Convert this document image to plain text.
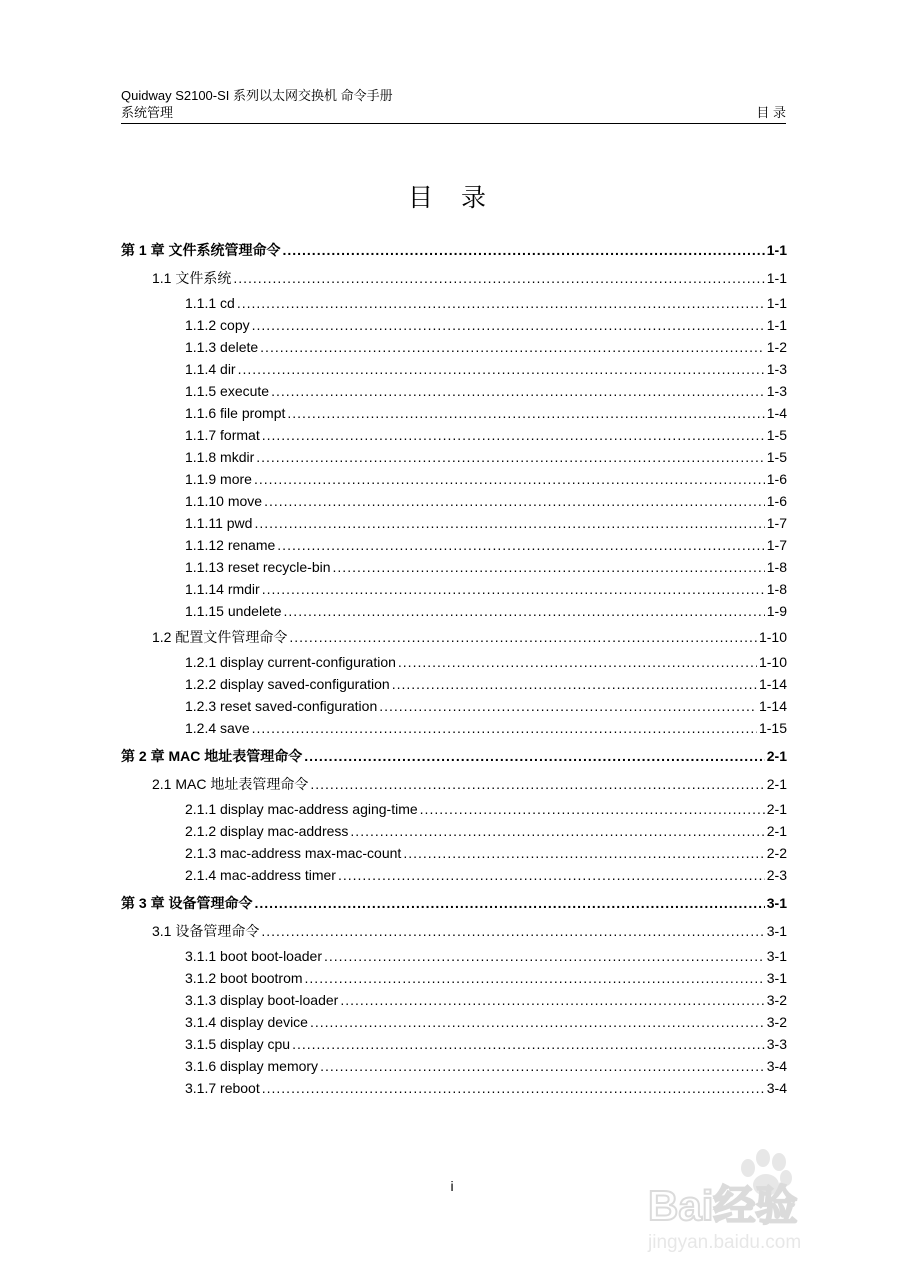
Quidway S2100-SI 系列以太网交换机 命令手册
系统管理	目 录
目 录
第 1 章 文件系统管理命令 .....	1-1
1.1 文件系统 .....	1-1
1.1.1 cd .....	1-1
1.1.2 copy .....	1-1
1.1.3 delete .....	1-2
1.1.4 dir .....	1-3
1.1.5 execute .....	1-3
1.1.6 file prompt .....	1-4
1.1.7 format .....	1-5
1.1.8 mkdir .....	1-5
1.1.9 more .....	1-6
1.1.10 move .....	1-6
1.1.11 pwd .....	1-7
1.1.12 rename .....	1-7
1.1.13 reset recycle-bin .....	1-8
1.1.14 rmdir .....	1-8
1.1.15 undelete .....	1-9
1.2 配置文件管理命令 .....	1-10
1.2.1 display current-configuration .....	1-10
1.2.2 display saved-configuration .....	1-14
1.2.3 reset saved-configuration .....	1-14
1.2.4 save .....	1-15
第 2 章 MAC 地址表管理命令 .....	2-1
2.1 MAC 地址表管理命令 .....	2-1
2.1.1 display mac-address aging-time .....	2-1
2.1.2 display mac-address .....	2-1
2.1.3 mac-address max-mac-count .....	2-2
2.1.4 mac-address timer .....	2-3
第 3 章 设备管理命令 .....	3-1
3.1 设备管理命令 .....	3-1
3.1.1 boot boot-loader .....	3-1
3.1.2 boot bootrom .....	3-1
3.1.3 display boot-loader .....	3-2
3.1.4 display device .....	3-2
3.1.5 display cpu .....	3-3
3.1.6 display memory .....	3-4
3.1.7 reboot .....	3-4
i	Bai经验
jingyan.baidu.com
